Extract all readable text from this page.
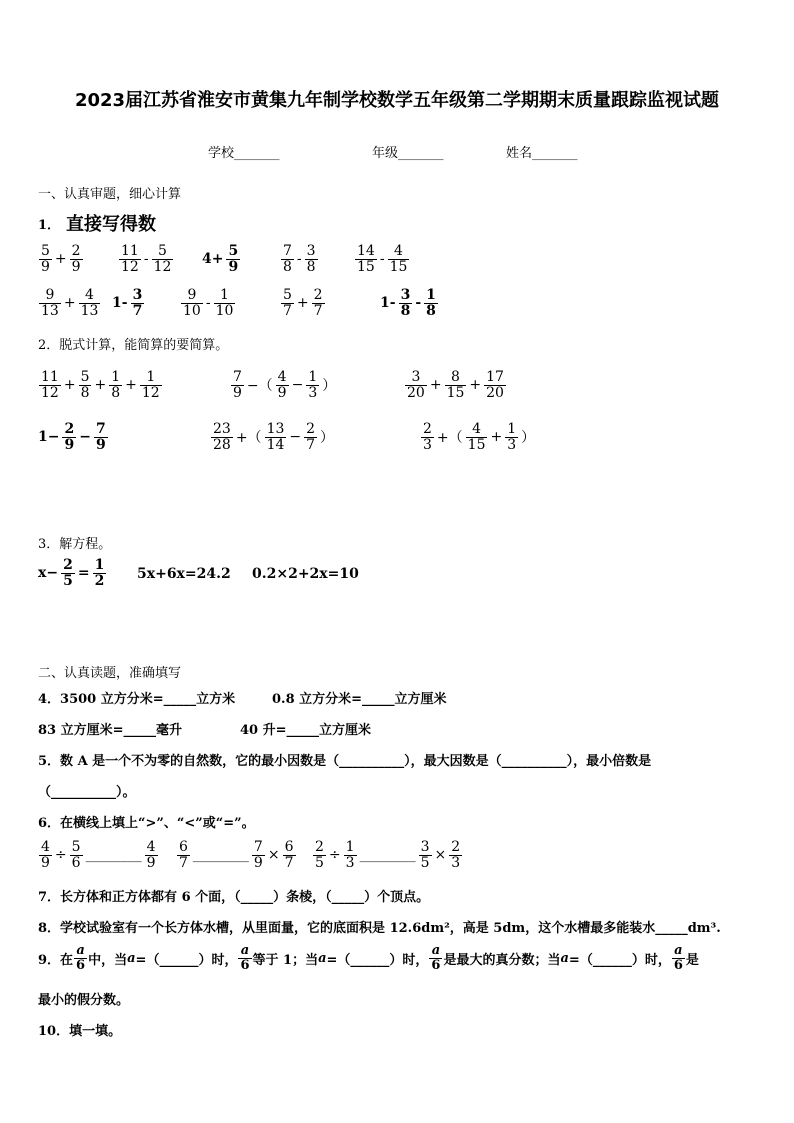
2023届江苏省淮安市黄集九年制学校数学五年级第二学期期末质量跟踪监视试题
学校_______	年级_______	姓名_______
一、认真审题，细心计算
1． 直接写得数
$\frac{5}{9} + \frac{2}{9}$	$\frac{11}{12} - \frac{5}{12} 4+ \frac{5}{9}$	$\frac{7}{8} - \frac{3}{8}$	$\frac{14}{15} - \frac{4}{15}$
$\frac{9}{13} + \frac{4}{13} 1- \frac{3}{7}$	$\frac{9}{10} - \frac{1}{10}$	$\frac{5}{7} + \frac{2}{7}$	$1- \frac{3}{8} - \frac{1}{8}$
2．脱式计算，能简算的要简算。
$\frac{11}{12} + \frac{5}{8} + \frac{1}{8} + \frac{1}{12}$	$\frac{7}{9}$ −（ $\frac{4}{9} - \frac{1}{3}$ ）	$\frac{3}{20} + \frac{8}{15} + \frac{17}{20}$
$1- \frac{2}{9} - \frac{7}{9}$	$\frac{23}{28}$ +（ $\frac{13}{14} - \frac{2}{7}$ ）	$\frac{2}{3}$ +（ $\frac{4}{15} + \frac{1}{3}$ ）
3．解方程。
$x- \frac{2}{5} = \frac{1}{2} 5x+6x=24.2$ 0.2×2+2x=10
二、认真读题，准确填写
4．3500 立方分米=_____立方米	0.8 立方分米=_____立方厘米
83 立方厘米=_____毫升	40 升=_____立方厘米
5．数 A 是一个不为零的自然数，它的最小因数是（__________），最大因数是（__________），最小倍数是
（__________）。
6．在横线上填上“>”、“<”或“=”。
$\frac{4}{9} \div \frac{5}{6}$ ________ $\frac{4}{9} \frac{6}{7}$ ________ $\frac{7}{9} \times \frac{6}{7} \frac{2}{5} \div \frac{1}{3}$ ________ $\frac{3}{5} \times \frac{2}{3}$
7．长方体和正方体都有 6 个面，（_____）条棱，（_____）个顶点。
8．学校试验室有一个长方体水槽，从里面量，它的底面积是 12.6dm²，高是 5dm，这个水槽最多能装水_____dm³.
9．在 $\frac{a}{6}$ 中，当 a =（______）时， $\frac{a}{6}$ 等于 1；当 a =（______）时， $\frac{a}{6}$ 是最大的真分数；当 a =（______）时， $\frac{a}{6}$ 是
最小的假分数。
10．填一填。
